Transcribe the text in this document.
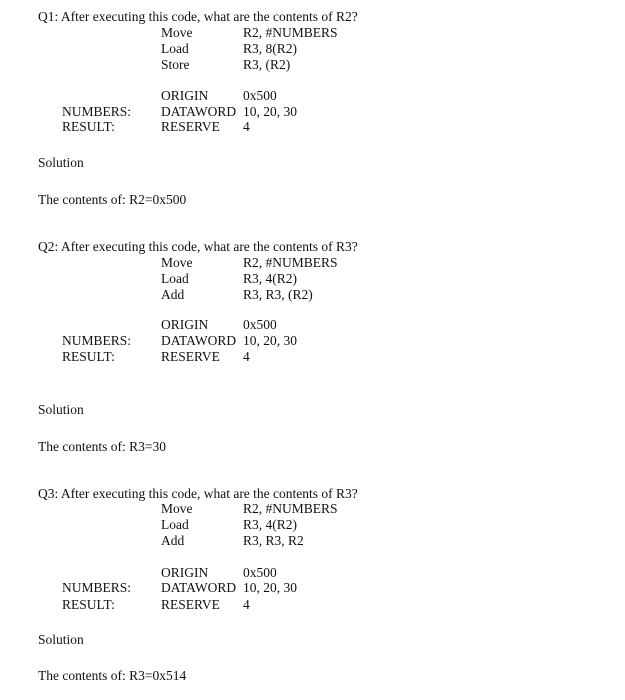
Q1: After executing this code, what are the contents of R2?
Move	R2, #NUMBERS
Load	R3, 8(R2)
Store	R3, (R2)
ORIGIN	0x500
NUMBERS: DATAWORD 10, 20, 30
RESULT:	RESERVE 4
Solution
The contents of: R2=0x500
Q2: After executing this code, what are the contents of R3?
Move	R2, #NUMBERS
Load	R3, 4(R2)
Add	R3, R3, (R2)
ORIGIN	0x500
NUMBERS: DATAWORD 10, 20, 30
RESULT:	RESERVE 4
Solution
The contents of: R3=30
Q3: After executing this code, what are the contents of R3?
Move	R2, #NUMBERS
Load	R3, 4(R2)
Add	R3, R3, R2
ORIGIN	0x500
NUMBERS: DATAWORD 10, 20, 30
RESULT:	RESERVE 4
Solution
The contents of: R3=0x514
